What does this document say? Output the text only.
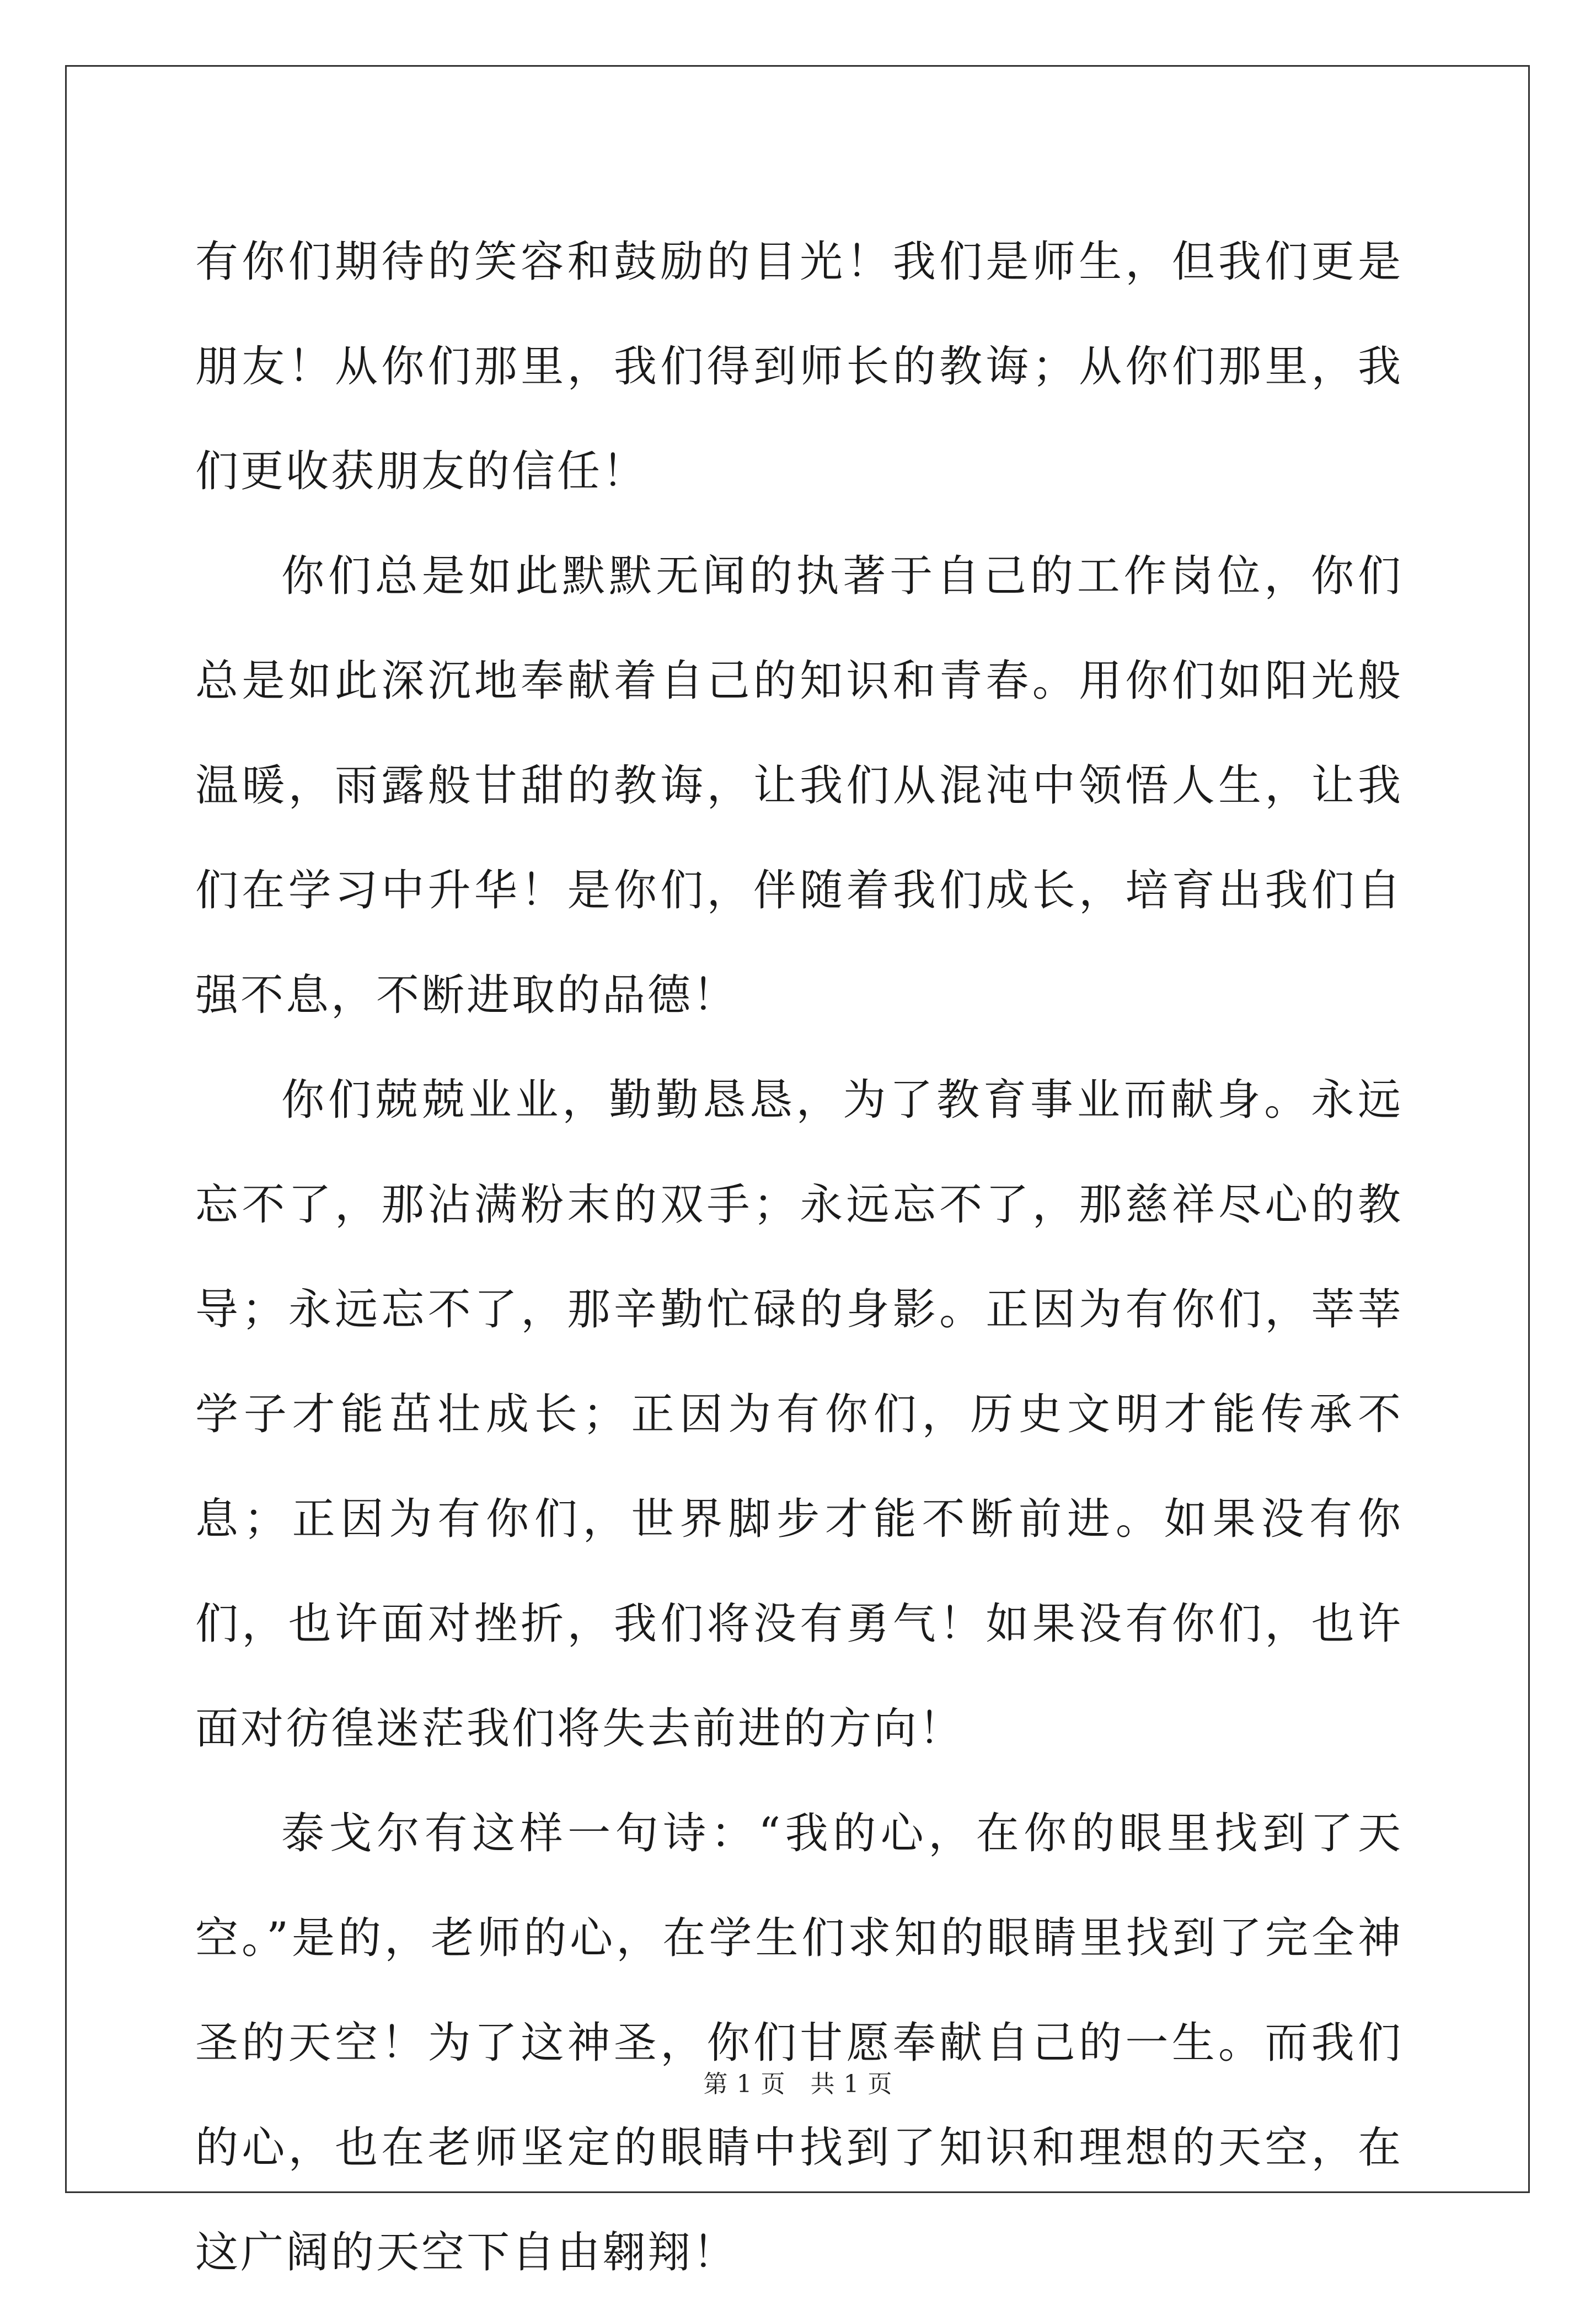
有你们期待的笑容和鼓励的目光！我们是师生，但我们更是朋友！从你们那里，我们得到师长的教诲；从你们那里，我们更收获朋友的信任！

你们总是如此默默无闻的执著于自己的工作岗位，你们总是如此深沉地奉献着自己的知识和青春。用你们如阳光般温暖，雨露般甘甜的教诲，让我们从混沌中领悟人生，让我们在学习中升华！是你们，伴随着我们成长，培育出我们自强不息，不断进取的品德！

你们兢兢业业，勤勤恳恳，为了教育事业而献身。永远忘不了，那沾满粉末的双手；永远忘不了，那慈祥尽心的教导；永远忘不了，那辛勤忙碌的身影。正因为有你们，莘莘学子才能茁壮成长；正因为有你们，历史文明才能传承不息；正因为有你们，世界脚步才能不断前进。如果没有你们，也许面对挫折，我们将没有勇气！如果没有你们，也许面对彷徨迷茫我们将失去前进的方向！

泰戈尔有这样一句诗：“我的心，在你的眼里找到了天空。”是的，老师的心，在学生们求知的眼睛里找到了完全神圣的天空！为了这神圣，你们甘愿奉献自己的一生。而我们的心，也在老师坚定的眼睛中找到了知识和理想的天空，在这广阔的天空下自由翱翔！

第 1 页 共 1 页
